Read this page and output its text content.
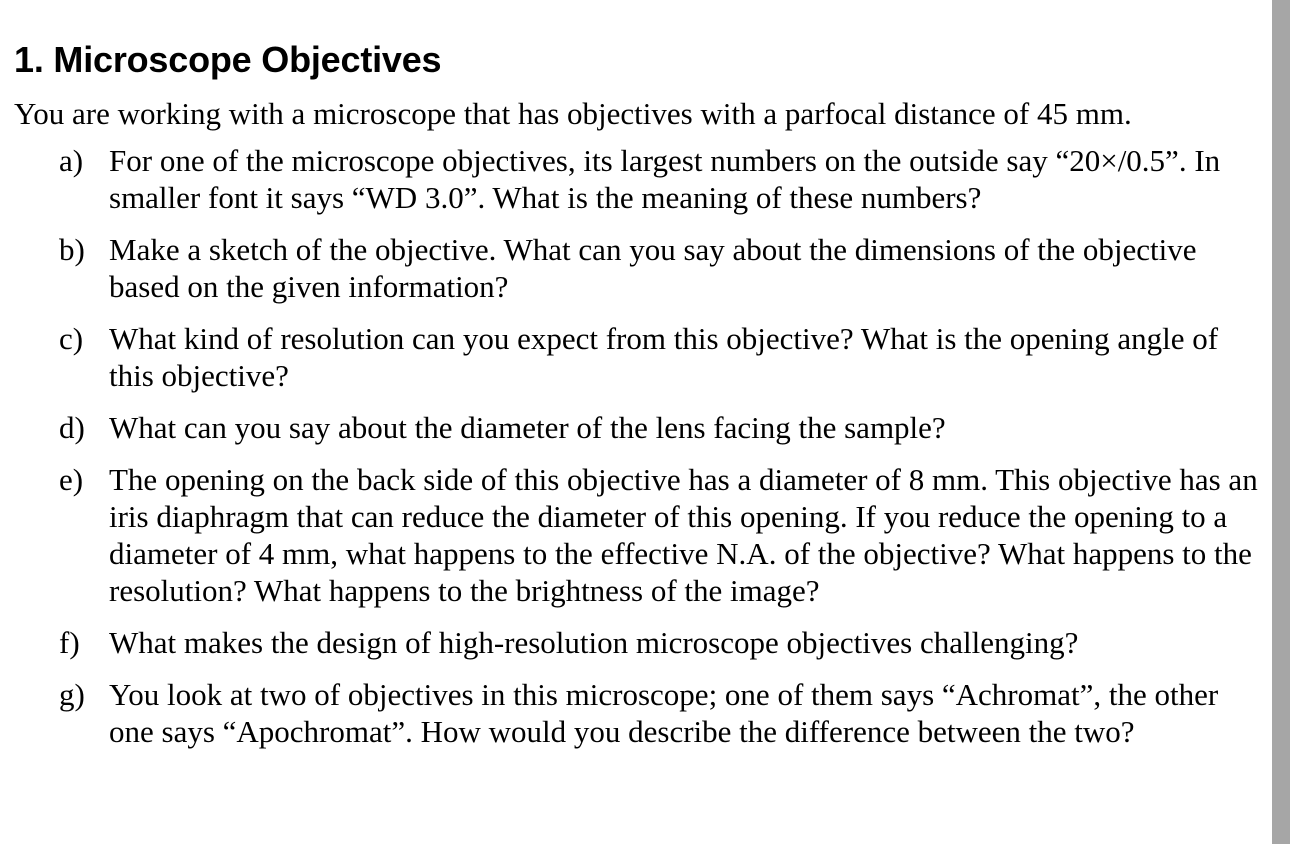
1. Microscope Objectives

You are working with a microscope that has objectives with a parfocal distance of 45 mm.

a) For one of the microscope objectives, its largest numbers on the outside say “20×/0.5”. In smaller font it says “WD 3.0”. What is the meaning of these numbers?
b) Make a sketch of the objective. What can you say about the dimensions of the objective based on the given information?
c) What kind of resolution can you expect from this objective? What is the opening angle of this objective?
d) What can you say about the diameter of the lens facing the sample?
e) The opening on the back side of this objective has a diameter of 8 mm. This objective has an iris diaphragm that can reduce the diameter of this opening. If you reduce the opening to a diameter of 4 mm, what happens to the effective N.A. of the objective? What happens to the resolution? What happens to the brightness of the image?
f) What makes the design of high-resolution microscope objectives challenging?
g) You look at two of objectives in this microscope; one of them says “Achromat”, the other one says “Apochromat”. How would you describe the difference between the two?
